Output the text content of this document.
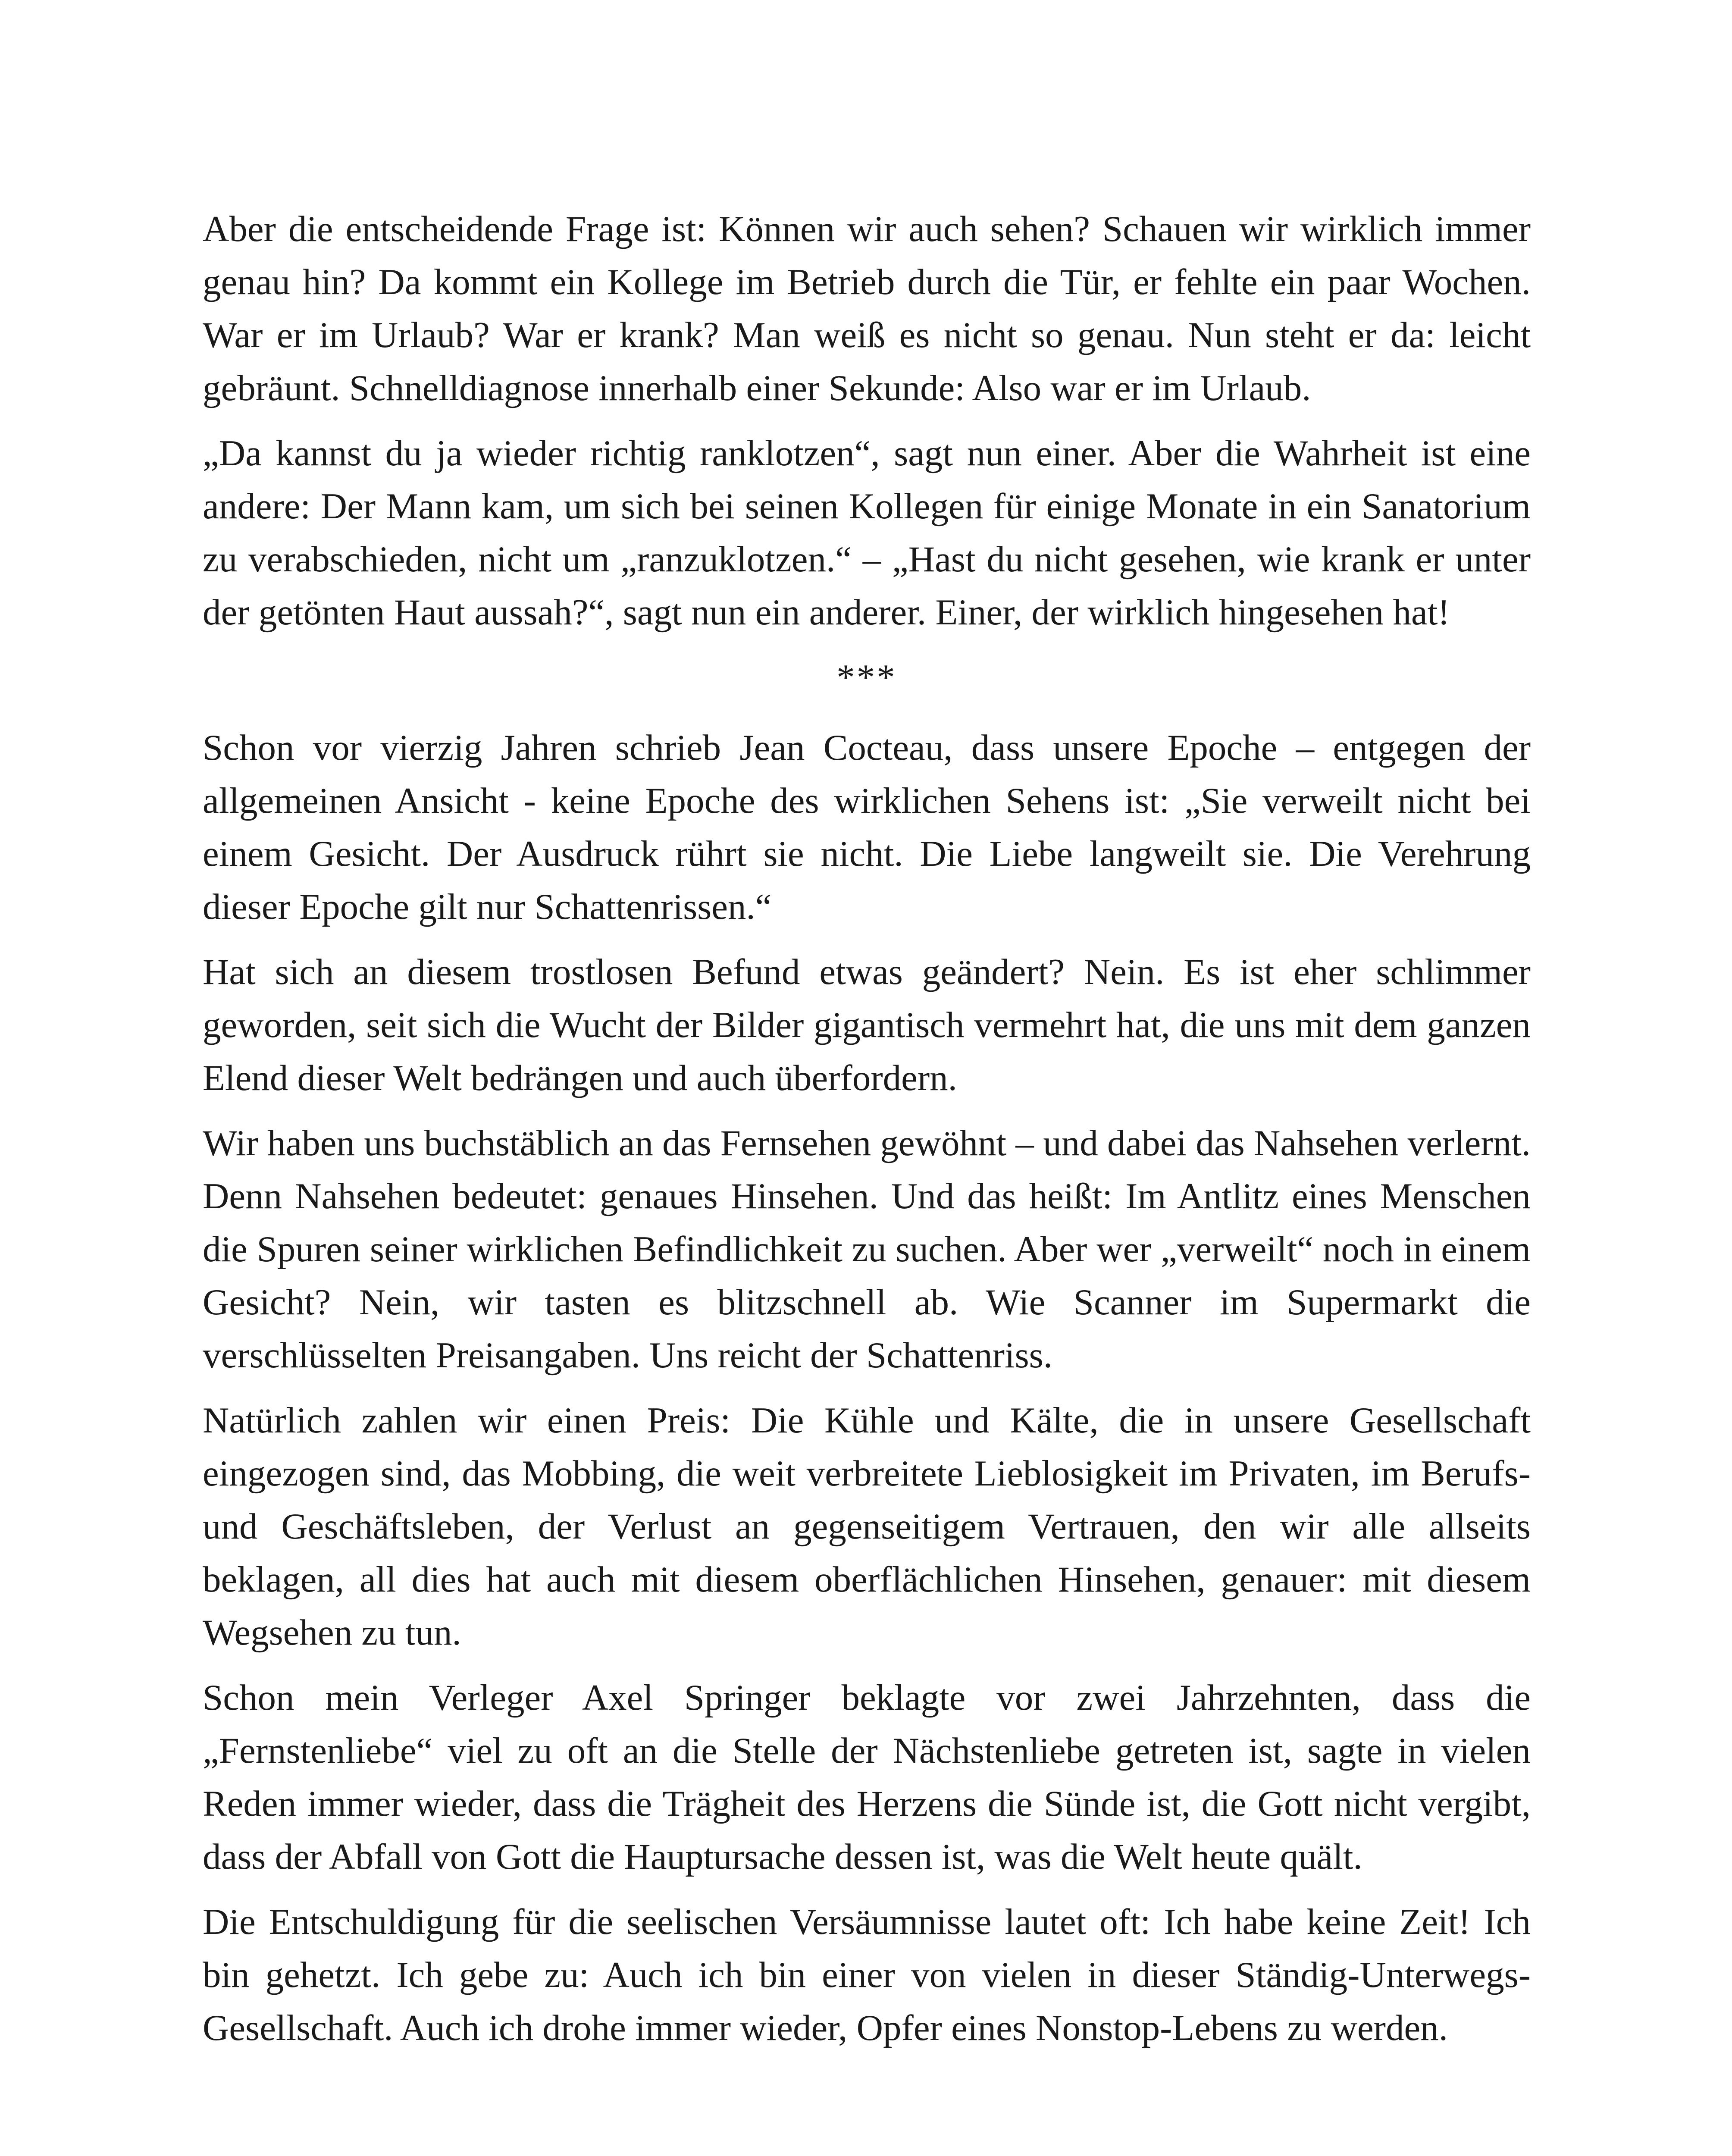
Aber die entscheidende Frage ist: Können wir auch sehen? Schauen wir wirklich immer genau hin? Da kommt ein Kollege im Betrieb durch die Tür, er fehlte ein paar Wochen. War er im Urlaub? War er krank? Man weiß es nicht so genau. Nun steht er da: leicht gebräunt. Schnelldiagnose innerhalb einer Sekunde: Also war er im Urlaub.

„Da kannst du ja wieder richtig ranklotzen“, sagt nun einer. Aber die Wahrheit ist eine andere: Der Mann kam, um sich bei seinen Kollegen für einige Monate in ein Sanatorium zu verabschieden, nicht um „ranzuklotzen.“ – „Hast du nicht gesehen, wie krank er unter der getönten Haut aussah?“, sagt nun ein anderer. Einer, der wirklich hingesehen hat!

***

Schon vor vierzig Jahren schrieb Jean Cocteau, dass unsere Epoche – entgegen der allgemeinen Ansicht - keine Epoche des wirklichen Sehens ist: „Sie verweilt nicht bei einem Gesicht. Der Ausdruck rührt sie nicht. Die Liebe langweilt sie. Die Verehrung dieser Epoche gilt nur Schattenrissen.“

Hat sich an diesem trostlosen Befund etwas geändert? Nein. Es ist eher schlimmer geworden, seit sich die Wucht der Bilder gigantisch vermehrt hat, die uns mit dem ganzen Elend dieser Welt bedrängen und auch überfordern.

Wir haben uns buchstäblich an das Fernsehen gewöhnt – und dabei das Nahsehen verlernt. Denn Nahsehen bedeutet: genaues Hinsehen. Und das heißt: Im Antlitz eines Menschen die Spuren seiner wirklichen Befindlichkeit zu suchen. Aber wer „verweilt“ noch in einem Gesicht? Nein, wir tasten es blitzschnell ab. Wie Scanner im Supermarkt die verschlüsselten Preisangaben. Uns reicht der Schattenriss.

Natürlich zahlen wir einen Preis: Die Kühle und Kälte, die in unsere Gesellschaft eingezogen sind, das Mobbing, die weit verbreitete Lieblosigkeit im Privaten, im Berufs- und Geschäftsleben, der Verlust an gegenseitigem Vertrauen, den wir alle allseits beklagen, all dies hat auch mit diesem oberflächlichen Hinsehen, genauer: mit diesem Wegsehen zu tun.

Schon mein Verleger Axel Springer beklagte vor zwei Jahrzehnten, dass die „Fernstenliebe“ viel zu oft an die Stelle der Nächstenliebe getreten ist, sagte in vielen Reden immer wieder, dass die Trägheit des Herzens die Sünde ist, die Gott nicht vergibt, dass der Abfall von Gott die Hauptursache dessen ist, was die Welt heute quält.

Die Entschuldigung für die seelischen Versäumnisse lautet oft: Ich habe keine Zeit! Ich bin gehetzt. Ich gebe zu: Auch ich bin einer von vielen in dieser Ständig-Unterwegs-Gesellschaft. Auch ich drohe immer wieder, Opfer eines Nonstop-Lebens zu werden.
